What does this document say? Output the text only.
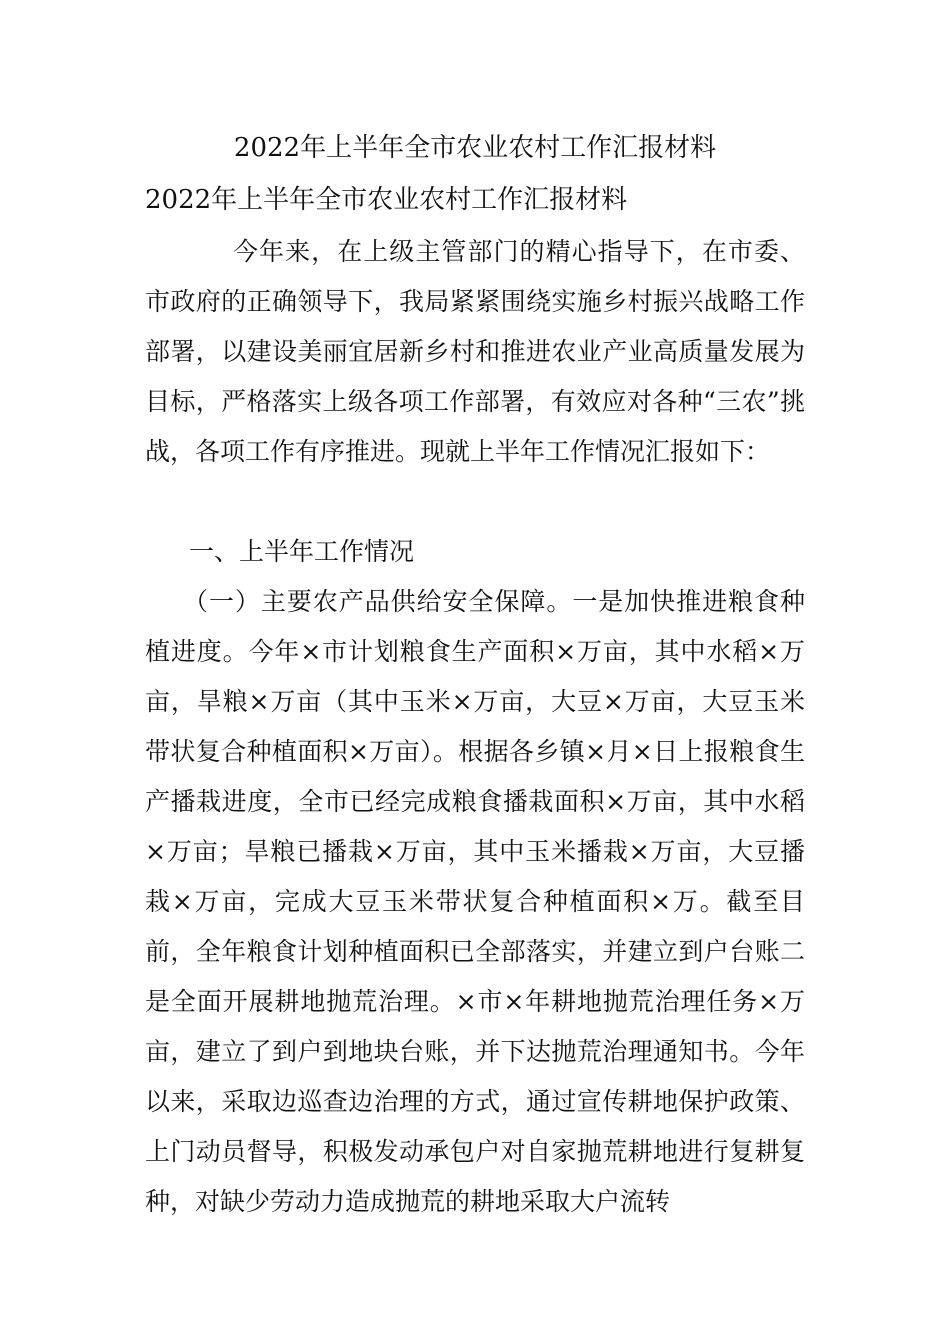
2022年上半年全市农业农村工作汇报材料
2022年上半年全市农业农村工作汇报材料
今年来，在上级主管部门的精心指导下，在市委、市政府的正确领导下，我局紧紧围绕实施乡村振兴战略工作部署，以建设美丽宜居新乡村和推进农业产业高质量发展为目标，严格落实上级各项工作部署，有效应对各种“三农”挑战，各项工作有序推进。现就上半年工作情况汇报如下：
一、上半年工作情况
（一）主要农产品供给安全保障。一是加快推进粮食种植进度。今年×市计划粮食生产面积×万亩，其中水稻×万亩，旱粮×万亩（其中玉米×万亩，大豆×万亩，大豆玉米带状复合种植面积×万亩）。根据各乡镇×月×日上报粮食生产播栽进度，全市已经完成粮食播栽面积×万亩，其中水稻×万亩；旱粮已播栽×万亩，其中玉米播栽×万亩，大豆播栽×万亩，完成大豆玉米带状复合种植面积×万。截至目前，全年粮食计划种植面积已全部落实，并建立到户台账二是全面开展耕地抛荒治理。×市×年耕地抛荒治理任务×万亩，建立了到户到地块台账，并下达抛荒治理通知书。今年以来，采取边巡查边治理的方式，通过宣传耕地保护政策、上门动员督导，积极发动承包户对自家抛荒耕地进行复耕复种，对缺少劳动力造成抛荒的耕地采取大户流转
